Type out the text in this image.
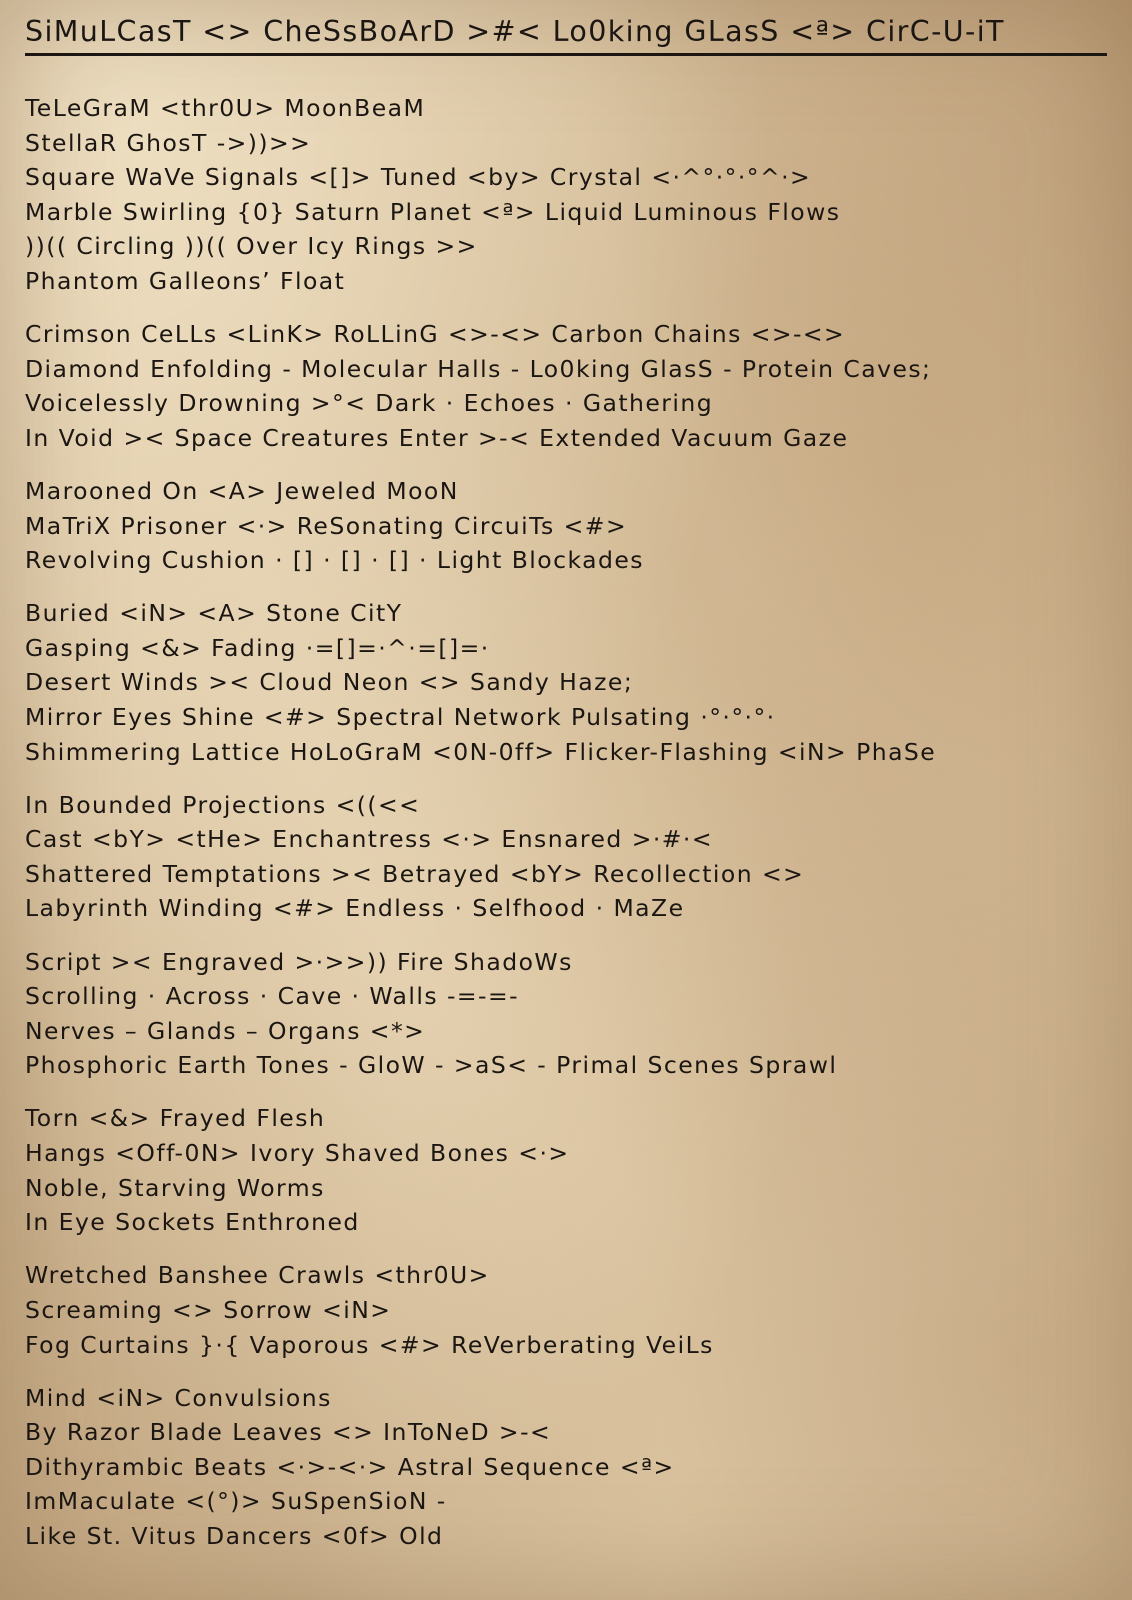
SiMuLCasT <> CheSsBoArD >#< Lo0king GLasS <ª> CirC-U-iT
TeLeGraM <thr0U> MoonBeaM
StellaR GhosT ->))>>
Square WaVe Signals <[]> Tuned <by> Crystal <·^°·°·°^·>
Marble Swirling {0} Saturn Planet <ª> Liquid Luminous Flows
))(( Circling ))(( Over Icy Rings >>
Phantom Galleons’ Float
Crimson CeLLs <LinK> RoLLinG <>-<> Carbon Chains <>-<>
Diamond Enfolding - Molecular Halls - Lo0king GlasS - Protein Caves;
Voicelessly Drowning >°< Dark · Echoes · Gathering
In Void >< Space Creatures Enter >-< Extended Vacuum Gaze
Marooned On <A> Jeweled MooN
MaTriX Prisoner <·> ReSonating CircuiTs <#>
Revolving Cushion · [] · [] · [] · Light Blockades
Buried <iN> <A> Stone CitY
Gasping <&> Fading ·=[]=·^·=[]=·
Desert Winds >< Cloud Neon <> Sandy Haze;
Mirror Eyes Shine <#> Spectral Network Pulsating ·°·°·°·
Shimmering Lattice HoLoGraM <0N-0ff> Flicker-Flashing <iN> PhaSe
In Bounded Projections <((<<
Cast <bY> <tHe> Enchantress <·> Ensnared >·#·<
Shattered Temptations >< Betrayed <bY> Recollection <>
Labyrinth Winding <#> Endless · Selfhood · MaZe
Script >< Engraved >·>>)) Fire ShadoWs
Scrolling · Across · Cave · Walls -=-=-
Nerves – Glands – Organs <*>
Phosphoric Earth Tones - GloW - >aS< - Primal Scenes Sprawl
Torn <&> Frayed Flesh
Hangs <Off-0N> Ivory Shaved Bones <·>
Noble, Starving Worms
In Eye Sockets Enthroned
Wretched Banshee Crawls <thr0U>
Screaming <> Sorrow <iN>
Fog Curtains }·{ Vaporous <#> ReVerberating VeiLs
Mind <iN> Convulsions
By Razor Blade Leaves <> InToNeD >-<
Dithyrambic Beats <·>-<·> Astral Sequence <ª>
ImMaculate <(°)> SuSpenSioN -
Like St. Vitus Dancers <0f> Old
